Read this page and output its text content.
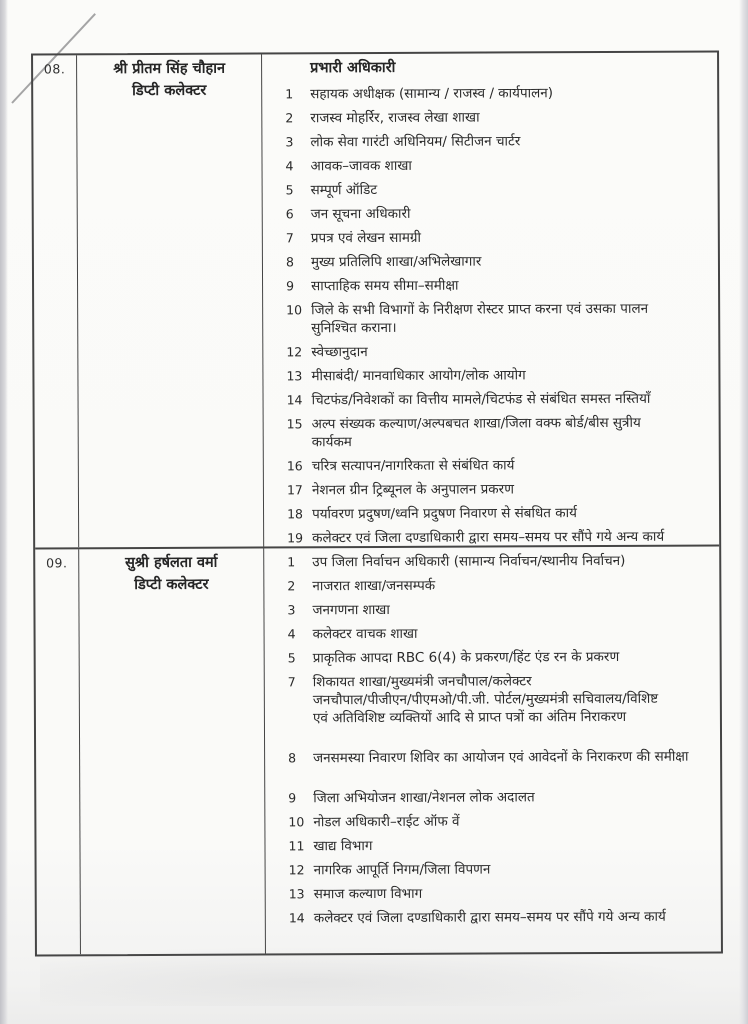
08.	श्री प्रीतम सिंह चौहान
डिप्टी कलेक्टर
प्रभारी अधिकारी
1	सहायक अधीक्षक (सामान्य / राजस्व / कार्यपालन)
2	राजस्व मोहर्रिर, राजस्व लेखा शाखा
3	लोक सेवा गारंटी अधिनियम/ सिटीजन चार्टर
4	आवक–जावक शाखा
5	सम्पूर्ण ऑडिट
6	जन सूचना अधिकारी
7	प्रपत्र एवं लेखन सामग्री
8	मुख्य प्रतिलिपि शाखा/अभिलेखागार
9	साप्ताहिक समय सीमा–समीक्षा
10 जिले के सभी विभागों के निरीक्षण रोस्टर प्राप्त करना एवं उसका पालन
सुनिश्चित कराना।
12 स्वेच्छानुदान
13 मीसाबंदी/ मानवाधिकार आयोग/लोक आयोग
14 चिटफंड/निवेशकों का वित्तीय मामले/चिटफंड से संबंधित समस्त नस्तियाँ
15 अल्प संख्यक कल्याण/अल्पबचत शाखा/जिला वक्फ बोर्ड/बीस सुत्रीय
कार्यकम
16 चरित्र सत्यापन/नागरिकता से संबंधित कार्य
17 नेशनल ग्रीन ट्रिब्यूनल के अनुपालन प्रकरण
18 पर्यावरण प्रदुषण/ध्वनि प्रदुषण निवारण से संबधित कार्य
19 कलेक्टर एवं जिला दण्डाधिकारी द्वारा समय–समय पर सौंपे गये अन्य कार्य
09.	सुश्री हर्षलता वर्मा
डिप्टी कलेक्टर
1	उप जिला निर्वाचन अधिकारी (सामान्य निर्वाचन/स्थानीय निर्वाचन)
2	नाजरात शाखा/जनसम्पर्क
3	जनगणना शाखा
4	कलेक्टर वाचक शाखा
5	प्राकृतिक आपदा RBC 6(4) के प्रकरण/हिंट एंड रन के प्रकरण
7	शिकायत शाखा/मुख्यमंत्री जनचौपाल/कलेक्टर
जनचौपाल/पीजीएन/पीएमओ/पी.जी. पोर्टल/मुख्यमंत्री सचिवालय/विशिष्ट
एवं अतिविशिष्ट व्यक्तियों आदि से प्राप्त पत्रों का अंतिम निराकरण
8	जनसमस्या निवारण शिविर का आयोजन एवं आवेदनों के निराकरण की समीक्षा
9	जिला अभियोजन शाखा/नेशनल लोक अदालत
10 नोडल अधिकारी–राईट ऑफ वें
11 खाद्य विभाग
12 नागरिक आपूर्ति निगम/जिला विपणन
13 समाज कल्याण विभाग
14 कलेक्टर एवं जिला दण्डाधिकारी द्वारा समय–समय पर सौंपे गये अन्य कार्य
